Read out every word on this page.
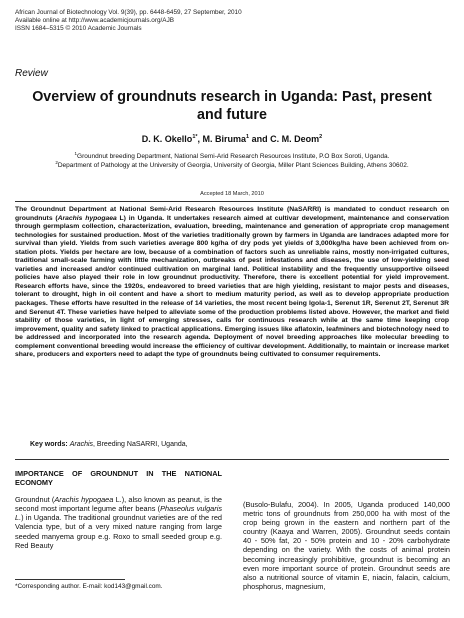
African Journal of Biotechnology Vol. 9(39), pp. 6448-6459, 27 September, 2010
Available online at http://www.academicjournals.org/AJB
ISSN 1684–5315 © 2010 Academic Journals
Review
Overview of groundnuts research in Uganda: Past, present and future
D. K. Okello$^{1*}$, M. Biruma$^1$ and C. M. Deom$^2$
$^1$Groundnut breeding Department, National Semi-Arid Research Resources Institute, P.O Box Soroti, Uganda.
$^2$Department of Pathology at the University of Georgia, University of Georgia, Miller Plant Sciences Building, Athens 30602.
Accepted 18 March, 2010
The Groundnut Department at National Semi-Arid Research Resources Institute (NaSARRI) is mandated to conduct research on groundnuts (Arachis hypogaea L) in Uganda. It undertakes research aimed at cultivar development, maintenance and conservation through germplasm collection, characterization, evaluation, breeding, maintenance and generation of appropriate crop management technologies for sustained production. Most of the varieties traditionally grown by farmers in Uganda are landraces adapted more for survival than yield. Yields from such varieties average 800 kg/ha of dry pods yet yields of 3,000kg/ha have been achieved from on-station plots. Yields per hectare are low, because of a combination of factors such as unreliable rains, mostly non-irrigated cultures, traditional small-scale farming with little mechanization, outbreaks of pest infestations and diseases, the use of low-yielding seed varieties and increased and/or continued cultivation on marginal land. Political instability and the frequently unsupportive oilseed policies have also played their role in low groundnut productivity. Therefore, there is excellent potential for yield improvement. Research efforts have, since the 1920s, endeavored to breed varieties that are high yielding, resistant to major pests and diseases, tolerant to drought, high in oil content and have a short to medium maturity period, as well as to develop appropriate production packages. These efforts have resulted in the release of 14 varieties, the most recent being Igola-1, Serenut 1R, Serenut 2T, Serenut 3R and Serenut 4T. These varieties have helped to alleviate some of the production problems listed above. However, the market and field stability of those varieties, in light of emerging stresses, calls for continuous research while at the same time keeping crop improvement, quality and safety linked to practical applications. Emerging issues like aflatoxin, leafminers and biotechnology need to be addressed and incorporated into the research agenda. Deployment of novel breeding approaches like molecular breeding to complement conventional breeding would increase the efficiency of cultivar development. Additionally, to maintain or increase market share, producers and exporters need to adapt the type of groundnuts being cultivated to consumer requirements.
Key words: Arachis, Breeding NaSARRI, Uganda,
IMPORTANCE OF GROUNDNUT IN THE NATIONAL ECONOMY

Groundnut (Arachis hypogaea L.), also known as peanut, is the second most important legume after beans (Phaseolus vulgaris L.) in Uganda. The traditional groundnut varieties are of the red Valencia type, but of a very mixed nature ranging from large seeded manyema group e.g. Roxo to small seeded group e.g. Red Beauty

(Busolo-Bulafu, 2004). In 2005, Uganda produced 140,000 metric tons of groundnuts from 250,000 ha with most of the crop being grown in the eastern and northern part of the country (Kaaya and Warren, 2005). Groundnut seeds contain 40 - 50% fat, 20 - 50% protein and 10 - 20% carbohydrate depending on the variety. With the costs of animal protein becoming increasingly prohibitive, groundnut is becoming an even more important source of protein. Groundnut seeds are also a nutritional source of vitamin E, niacin, falacin, calcium, phosphorus, magnesium,

*Corresponding author. E-mail: kod143@gmail.com.
